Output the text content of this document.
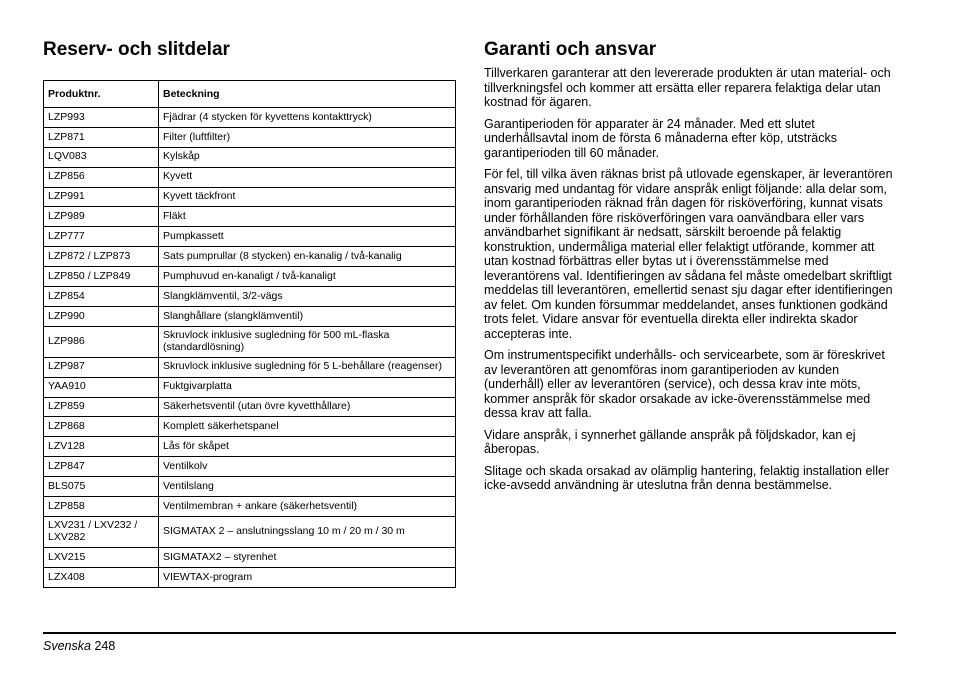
Reserv- och slitdelar
Produktnr.	Beteckning
LZP993	Fjädrar (4 stycken för kyvettens kontakttryck)
LZP871	Filter (luftfilter)
LQV083	Kylskåp
LZP856	Kyvett
LZP991	Kyvett täckfront
LZP989	Fläkt
LZP777	Pumpkassett
LZP872 / LZP873	Sats pumprullar (8 stycken) en-kanalig / två-kanalig
LZP850 / LZP849	Pumphuvud en-kanaligt / två-kanaligt
LZP854	Slangklämventil, 3/2-vägs
LZP990	Slanghållare (slangklämventil)
LZP986	Skruvlock inklusive sugledning för 500 mL-flaska (standardlösning)
LZP987	Skruvlock inklusive sugledning för 5 L-behållare (reagenser)
YAA910	Fuktgivarplatta
LZP859	Säkerhetsventil (utan övre kyvetthållare)
LZP868	Komplett säkerhetspanel
LZV128	Lås för skåpet
LZP847	Ventilkolv
BLS075	Ventilslang
LZP858	Ventilmembran + ankare (säkerhetsventil)
LXV231 / LXV232 / LXV282	SIGMATAX 2 – anslutningsslang 10 m / 20 m / 30 m
LXV215	SIGMATAX2 – styrenhet
LZX408	VIEWTAX-program
Garanti och ansvar

Tillverkaren garanterar att den levererade produkten är utan material- och tillverkningsfel och kommer att ersätta eller reparera felaktiga delar utan kostnad för ägaren.

Garantiperioden för apparater är 24 månader. Med ett slutet underhållsavtal inom de första 6 månaderna efter köp, utsträcks garantiperioden till 60 månader.

För fel, till vilka även räknas brist på utlovade egenskaper, är leverantören ansvarig med undantag för vidare anspråk enligt följande: alla delar som, inom garantiperioden räknad från dagen för risköverföring, kunnat visats under förhållanden före risköverföringen vara oanvändbara eller vars användbarhet signifikant är nedsatt, särskilt beroende på felaktig konstruktion, undermåliga material eller felaktigt utförande, kommer att utan kostnad förbättras eller bytas ut i överensstämmelse med leverantörens val. Identifieringen av sådana fel måste omedelbart skriftligt meddelas till leverantören, emellertid senast sju dagar efter identifieringen av felet. Om kunden försummar meddelandet, anses funktionen godkänd trots felet. Vidare ansvar för eventuella direkta eller indirekta skador accepteras inte.

Om instrumentspecifikt underhålls- och servicearbete, som är föreskrivet av leverantören att genomföras inom garantiperioden av kunden (underhåll) eller av leverantören (service), och dessa krav inte möts, kommer anspråk för skador orsakade av icke-överensstämmelse med dessa krav att falla.

Vidare anspråk, i synnerhet gällande anspråk på följdskador, kan ej åberopas.

Slitage och skada orsakad av olämplig hantering, felaktig installation eller icke-avsedd användning är uteslutna från denna bestämmelse.

Svenska 248
